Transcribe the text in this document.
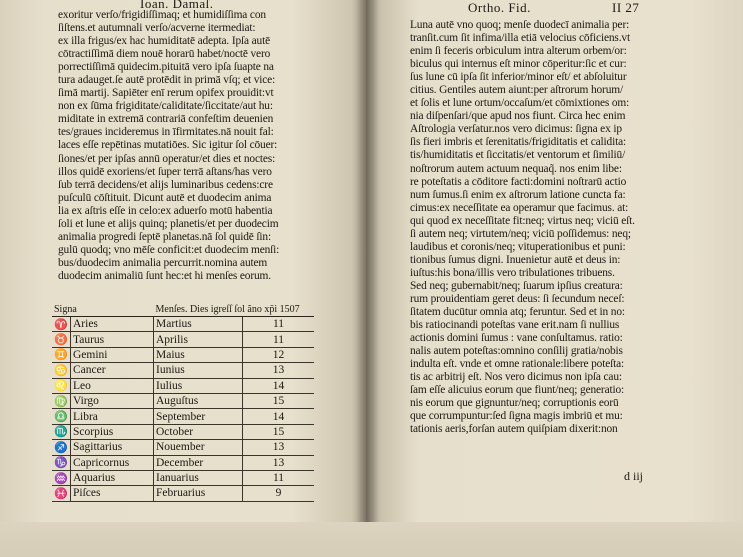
Ioan. Damaſ.
exoritur verſo/frigidiſſimaq; et humidiſſima con
ſiſtens.et autumnali verſo/acverne itermediat:
ex illa frigus/ex hac humiditatē adepta. Ipſa autē
cōtractiſſimā diem nouē horarū habet/noctē vero
porrectiſſimā quidecim.pituitā vero ipſa ſuapte na
tura adauget.ſe autē protēdit in primā vſq; et vice:
ſimā martij. Sapiēter enī rerum opifex prouidit:vt
non ex ſūma frigiditate/caliditate/ſiccitate/aut hu:
miditate in extremā contrariā confeſtim deuenien
tes/graues incideremus in īfirmitates.nā nouit fal:
laces eſſe repētinas mutatiōes. Sic igitur ſol cōuer:
ſiones/et per ipſas annū operatur/et dies et noctes:
illos quidē exoriens/et ſuper terrā aſtans/has vero
ſub terrā decidens/et alijs luminaribus cedens:cre
puſculū cōſtituit. Dicunt autē et duodecim anima
lia ex aſtris eſſe in celo:ex aduerſo motū habentia
ſoli et lune et alijs quinq; planetis/et per duodecim
animalia progredi ſeptē planetas.nā ſol quidē ſin:
gulū quodq; vno mēſe conficit:et duodecim menſi:
bus/duodecim animalia percurrit.nomina autem
duodecim animaliū ſunt hec:et hi menſes eorum.
Signa		Menſes. Dies igreſſ ſol ãno xp̃i 1507	
♈	Aries	Martius	11
♉	Taurus	Aprilis	11
♊	Gemini	Maius	12
♋	Cancer	Iunius	13
♌	Leo	Iulius	14
♍	Virgo	Auguſtus	15
♎	Libra	September	14
♏	Scorpius	October	15
♐	Sagittarius	Nouember	13
♑	Capricornus	December	13
♒	Aquarius	Ianuarius	11
♓	Piſces	Februarius	9
Ortho. Fid.	II 27
Luna autē vno quoq; menſe duodecī animalia per:
tranſit.cum ſit infima/illa etiā velocius cōficiens.vt
enim ſi feceris orbiculum intra alterum orbem/or:
biculus qui internus eſt minor cōperitur:ſic et cur:
ſus lune cū ipſa ſit inferior/minor eſt/ et abſoluitur
citius. Gentiles autem aiunt:per aſtrorum horum/
et ſolis et lune ortum/occaſum/et cōmixtiones om:
nia diſpenſari/que apud nos fiunt. Circa hec enim
Aſtrologia verſatur.nos vero dicimus: ſigna ex ip
ſis fieri imbris et ſerenitatis/frigiditatis et calidita:
tis/humiditatis et ſiccitatis/et ventorum et ſimiliū/
noſtrorum autem actuum nequaq̃. nos enim libe:
re poteſtatis a cōditore facti:domini noſtrarū actio
num ſumus.ſi enim ex aſtrorum latione cuncta fa:
cimus:ex neceſſitate ea operamur que facimus. at:
qui quod ex neceſſitate fit:neq; virtus neq; viciū eſt.
ſi autem neq; virtutem/neq; viciū poſſidemus: neq;
laudibus et coronis/neq; vituperationibus et puni:
tionibus ſumus digni. Inuenietur autē et deus in:
iuſtus:his bona/illis vero tribulationes tribuens.
Sed neq; gubernabit/neq; ſuarum ipſius creatura:
rum prouidentiam geret deus: ſi ſecundum neceſ:
ſitatem ducūtur omnia atq; feruntur. Sed et in no:
bis ratiocinandi poteſtas vane erit.nam ſi nullius
actionis domini ſumus : vane conſultamus. ratio:
nalis autem poteſtas:omnino conſilij gratia/nobis
indulta eſt. vnde et omne rationale:libere poteſta:
tis ac arbitrij eſt. Nos vero dicimus non ipſa cau:
ſam eſſe alicuius eorum que fiunt/neq; generatio:
nis eorum que gignuntur/neq; corruptionis eorū
que corrumpuntur:ſed ſigna magis imbriū et mu:
tationis aeris,forſan autem quiſpiam dixerit:non
d iij
